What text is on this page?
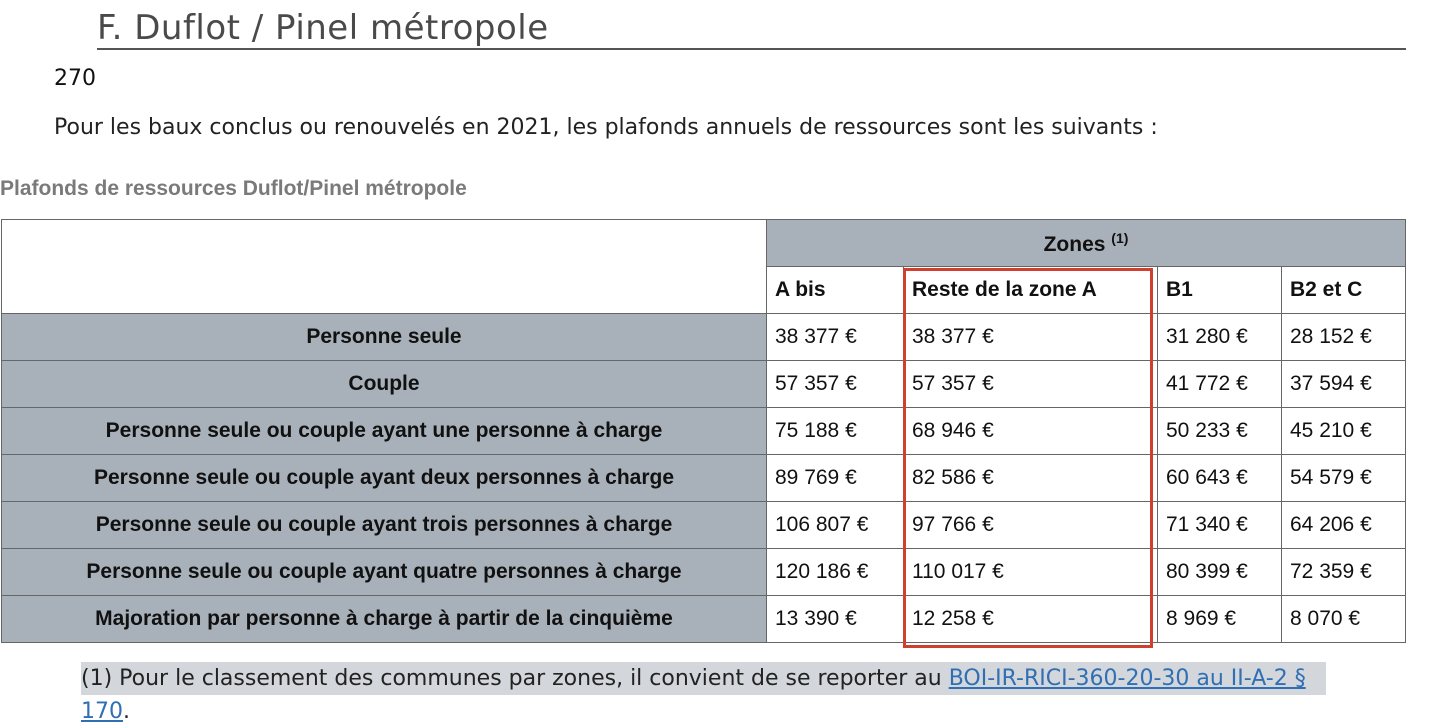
F. Duflot / Pinel métropole
270
Pour les baux conclus ou renouvelés en 2021, les plafonds annuels de ressources sont les suivants :
Plafonds de ressources Duflot/Pinel métropole
	Zones $^{(1)}$
	A bis	Reste de la zone A	B1	B2 et C
Personne seule	38 377 €	38 377 €	31 280 €	28 152 €
Couple	57 357 €	57 357 €	41 772 €	37 594 €
Personne seule ou couple ayant une personne à charge	75 188 €	68 946 €	50 233 €	45 210 €
Personne seule ou couple ayant deux personnes à charge	89 769 €	82 586 €	60 643 €	54 579 €
Personne seule ou couple ayant trois personnes à charge	106 807 €	97 766 €	71 340 €	64 206 €
Personne seule ou couple ayant quatre personnes à charge	120 186 €	110 017 €	80 399 €	72 359 €
Majoration par personne à charge à partir de la cinquième	13 390 €	12 258 €	8 969 €	8 070 €
(1) Pour le classement des communes par zones, il convient de se reporter au BOI-IR-RICI-360-20-30 au II-A-2 § 170.
